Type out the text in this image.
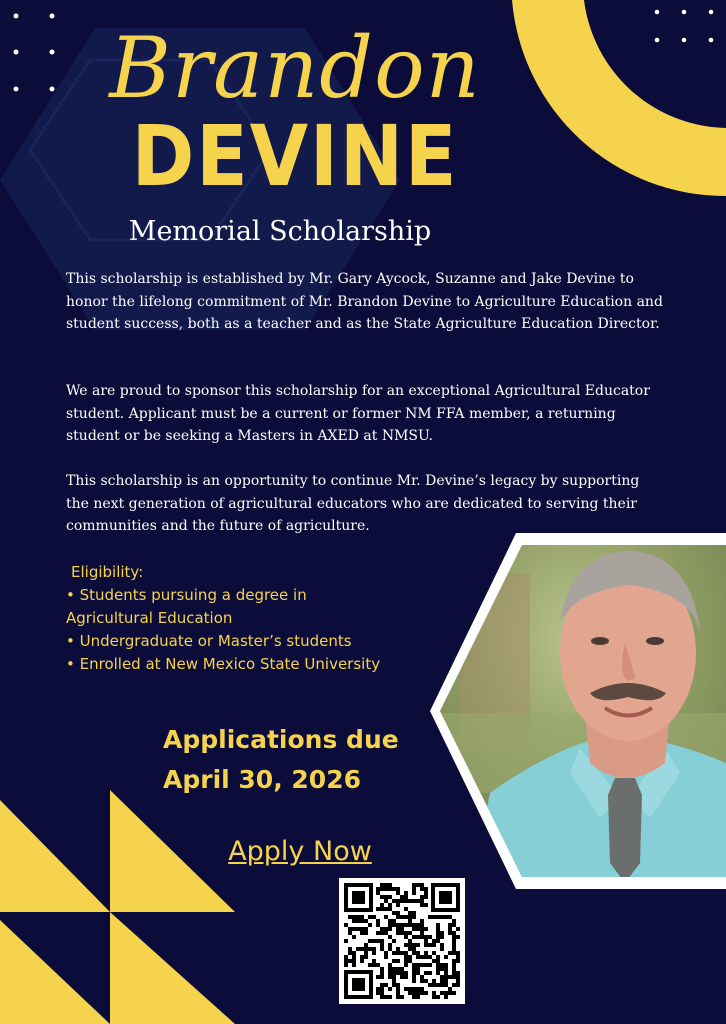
Brandon
DEVINE
Memorial Scholarship
This scholarship is established by Mr. Gary Aycock, Suzanne and Jake Devine to honor the lifelong commitment of Mr. Brandon Devine to Agriculture Education and student success, both as a teacher and as the State Agriculture Education Director.
We are proud to sponsor this scholarship for an exceptional Agricultural Educator student. Applicant must be a current or former NM FFA member, a returning student or be seeking a Masters in AXED at NMSU.
This scholarship is an opportunity to continue Mr. Devine’s legacy by supporting the next generation of agricultural educators who are dedicated to serving their communities and the future of agriculture.
Eligibility:
• Students pursuing a degree in
Agricultural Education
• Undergraduate or Master’s students
• Enrolled at New Mexico State University
Applications due
April 30, 2026
Apply Now
